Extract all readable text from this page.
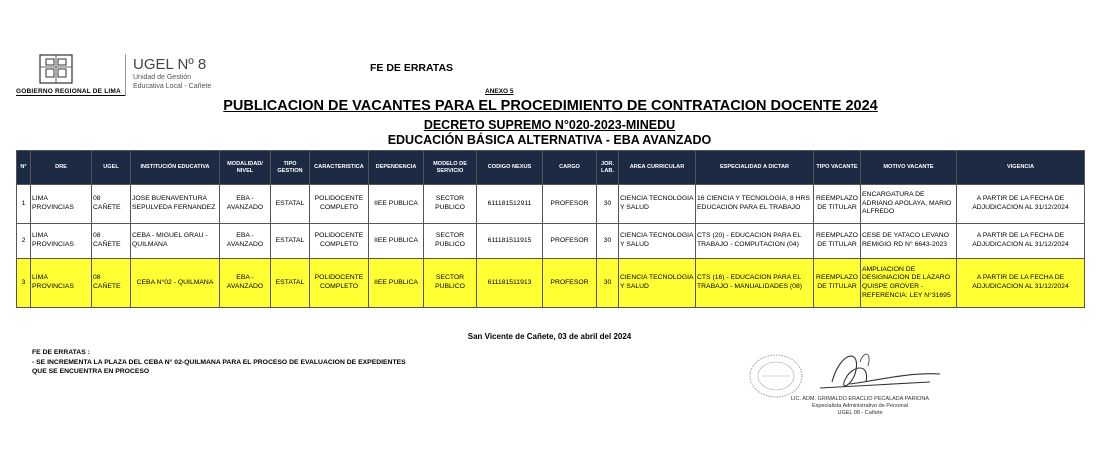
GOBIERNO REGIONAL DE LIMA
UGEL Nº 8
Unidad de Gestión
Educativa Local - Cañete
FE DE ERRATAS
ANEXO 5
PUBLICACION DE VACANTES PARA EL PROCEDIMIENTO DE CONTRATACION DOCENTE 2024
DECRETO SUPREMO N°020-2023-MINEDU
EDUCACIÓN BÁSICA ALTERNATIVA - EBA AVANZADO
N°	DRE	UGEL	INSTITUCIÓN EDUCATIVA	MODALIDAD/ NIVEL	TIPO GESTION	CARACTERISTICA	DEPENDENCIA	MODELO DE SERVICIO	CODIGO NEXUS	CARGO	JOR. LAB.	AREA CURRICULAR	ESPECIALIDAD A DICTAR	TIPO VACANTE	MOTIVO VACANTE	VIGENCIA
1	LIMA PROVINCIAS	08 CAÑETE	JOSE BUENAVENTURA SEPULVEDA FERNANDEZ	EBA - AVANZADO	ESTATAL	POLIDOCENTE COMPLETO	IIEE PUBLICA	SECTOR PUBLICO	611181512911	PROFESOR	30	CIENCIA TECNOLOGIA Y SALUD	16 CIENCIA Y TECNOLOGIA, 8 HRS EDUCACION PARA EL TRABAJO	REEMPLAZO DE TITULAR	ENCARGATURA DE ADRIANO APOLAYA, MARIO ALFREDO	A PARTIR DE LA FECHA DE ADJUDICACION AL 31/12/2024
2	LIMA PROVINCIAS	08 CAÑETE	CEBA - MIGUEL GRAU - QUILMANA	EBA - AVANZADO	ESTATAL	POLIDOCENTE COMPLETO	IIEE PUBLICA	SECTOR PUBLICO	611181511915	PROFESOR	30	CIENCIA TECNOLOGIA Y SALUD	CTS (20) - EDUCACION PARA EL TRABAJO - COMPUTACION (04)	REEMPLAZO DE TITULAR	CESE DE YATACO LEVANO REMIGIO RD N° 6643-2023	A PARTIR DE LA FECHA DE ADJUDICACION AL 31/12/2024
3	LIMA PROVINCIAS	08 CAÑETE	CEBA N°02 - QUILMANA	EBA - AVANZADO	ESTATAL	POLIDOCENTE COMPLETO	IIEE PUBLICA	SECTOR PUBLICO	611181511913	PROFESOR	30	CIENCIA TECNOLOGIA Y SALUD	CTS (16) - EDUCACION PARA EL TRABAJO - MANUALIDADES (08)	REEMPLAZO DE TITULAR	AMPLIACION DE DESIGNACION DE LAZARO QUISPE GROVER - REFERENCIA: LEY N°31695	A PARTIR DE LA FECHA DE ADJUDICACION AL 31/12/2024
San Vicente de Cañete, 03 de abril del 2024
FE DE ERRATAS :
- SE INCREMENTA LA PLAZA DEL CEBA N° 02-QUILMANA PARA EL PROCESO DE EVALUACION DE EXPEDIENTES
QUE SE ENCUENTRA EN PROCESO
LIC. ADM. GRIMALDO ERACLIO PECALADA PARIONA
Especialista Administrativo de Personal
UGEL 08 - Cañete
